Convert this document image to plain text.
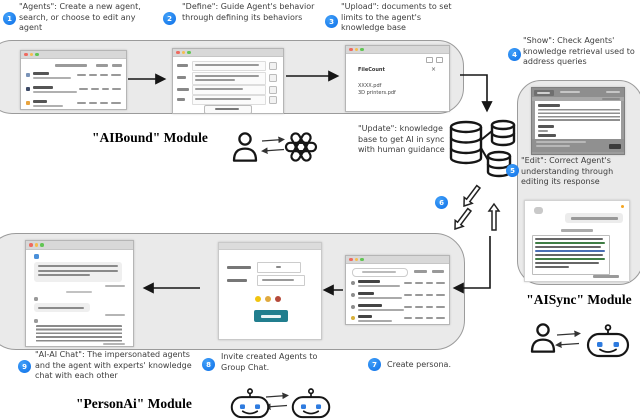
FileCount	×
XXXX.pdf
3D printers.pdf
1	2	3
4
5
6
7
8
9
"Agents": Create a new agent, search, or choose to edit any agent
"Define": Guide Agent's behavior through defining its behaviors
"Upload": documents to set limits to the agent's knowledge base
"Show": Check Agents' knowledge retrieval used to address queries
"Edit": Correct Agent's understanding through editing its response
"Update": knowledge base to get AI in sync with human guidance
Create persona.
Invite created Agents to Group Chat.
"AI-AI Chat": The impersonated agents and the agent with experts' knowledge chat with each other
"AIBound" Module
"AISync" Module
"PersonAi" Module
